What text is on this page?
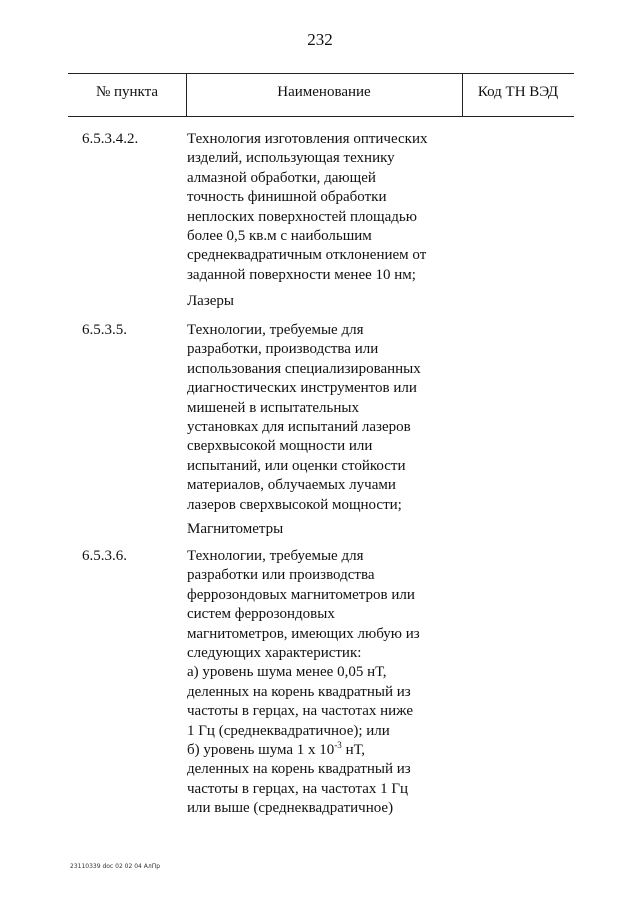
232
№ пункта	Наименование	Код ТН ВЭД
6.5.3.4.2.	Технология изготовления оптических
изделий, использующая технику
алмазной обработки, дающей
точность финишной обработки
неплоских поверхностей площадью
более 0,5 кв.м с наибольшим
среднеквадратичным отклонением от
заданной поверхности менее 10 нм;
Лазеры
6.5.3.5.	Технологии, требуемые для
разработки, производства или
использования специализированных
диагностических инструментов или
мишеней в испытательных
установках для испытаний лазеров
сверхвысокой мощности или
испытаний, или оценки стойкости
материалов, облучаемых лучами
лазеров сверхвысокой мощности;
Магнитометры
6.5.3.6.	Технологии, требуемые для
разработки или производства
феррозондовых магнитометров или
систем феррозондовых
магнитометров, имеющих любую из
следующих характеристик:
а) уровень шума менее 0,05 нТ,
деленных на корень квадратный из
частоты в герцах, на частотах ниже
1 Гц (среднеквадратичное); или
б) уровень шума 1 х $10^{-3}$ нТ,
деленных на корень квадратный из
частоты в герцах, на частотах 1 Гц
или выше (среднеквадратичное)
23110339 doc 02 02 04 АлПр
